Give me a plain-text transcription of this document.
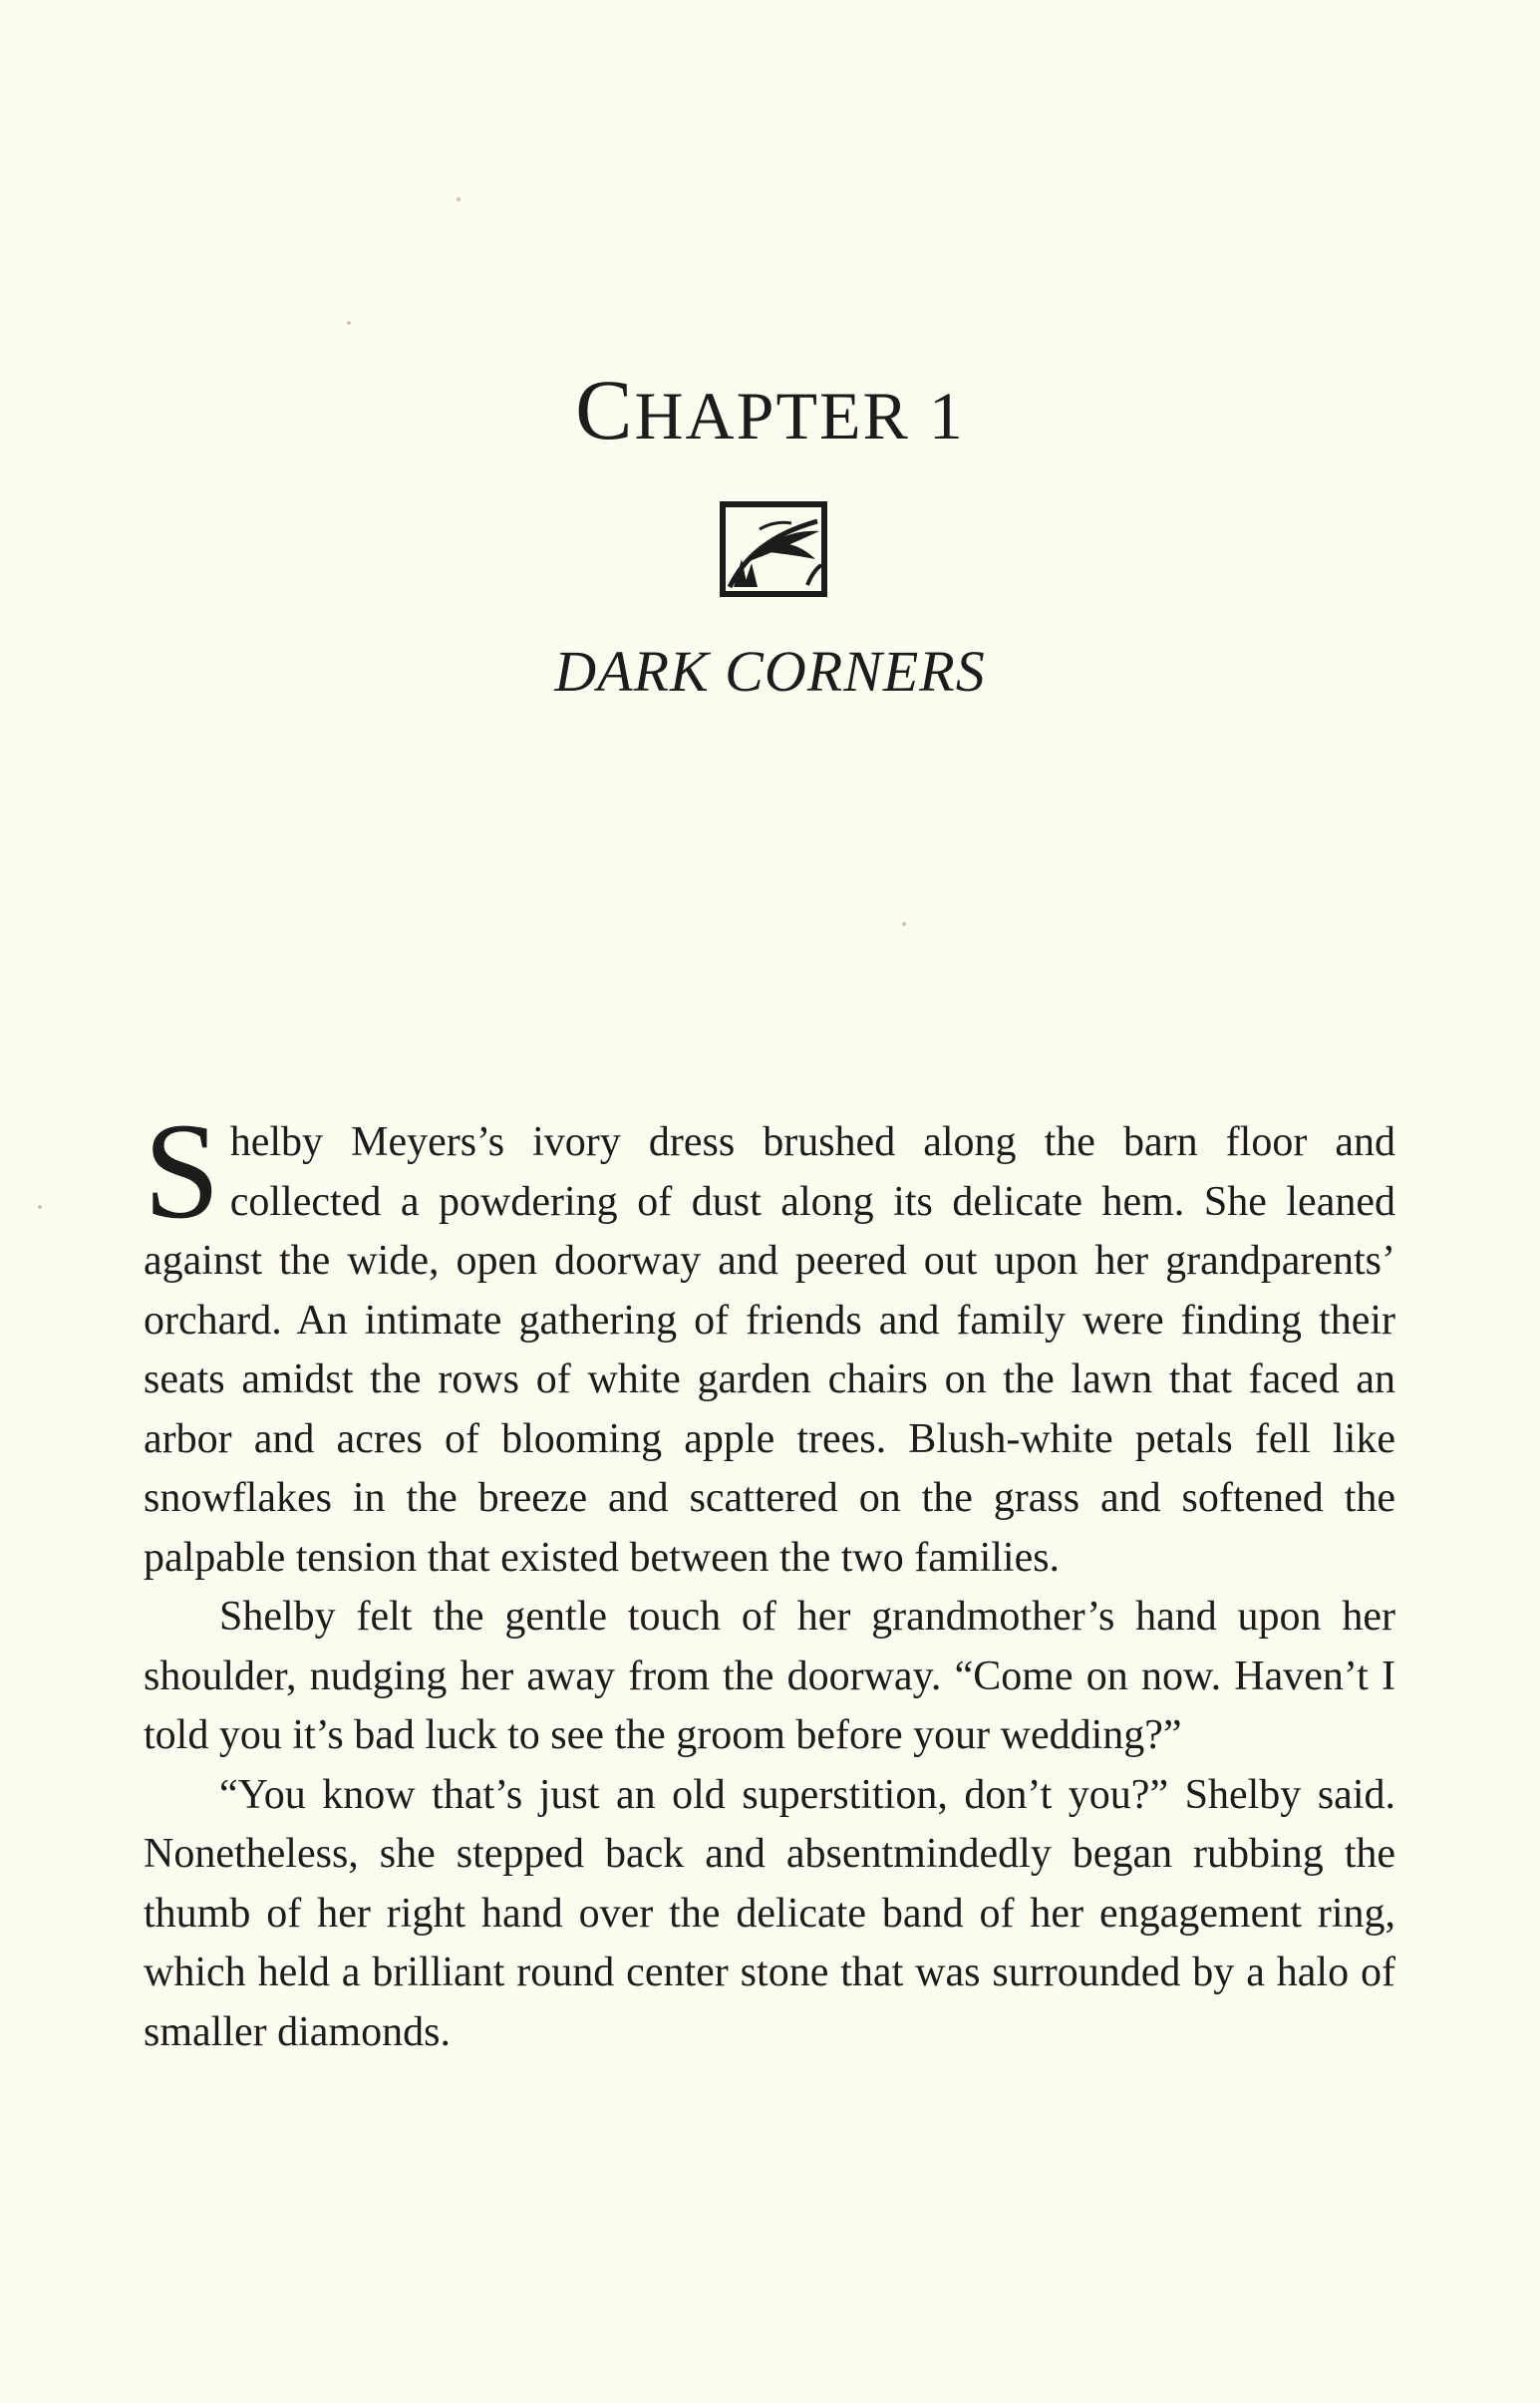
CHAPTER 1
DARK CORNERS

Shelby Meyers’s ivory dress brushed along the barn floor and collected a powdering of dust along its delicate hem. She leaned against the wide, open doorway and peered out upon her grandparents’ orchard. An intimate gathering of friends and family were finding their seats amidst the rows of white garden chairs on the lawn that faced an arbor and acres of blooming apple trees. Blush-white petals fell like snowflakes in the breeze and scattered on the grass and softened the palpable tension that existed between the two families.

Shelby felt the gentle touch of her grandmother’s hand upon her shoulder, nudging her away from the doorway. “Come on now. Haven’t I told you it’s bad luck to see the groom before your wedding?”

“You know that’s just an old superstition, don’t you?” Shelby said. Nonetheless, she stepped back and absentmindedly began rubbing the thumb of her right hand over the delicate band of her engagement ring, which held a brilliant round center stone that was surrounded by a halo of smaller diamonds.
